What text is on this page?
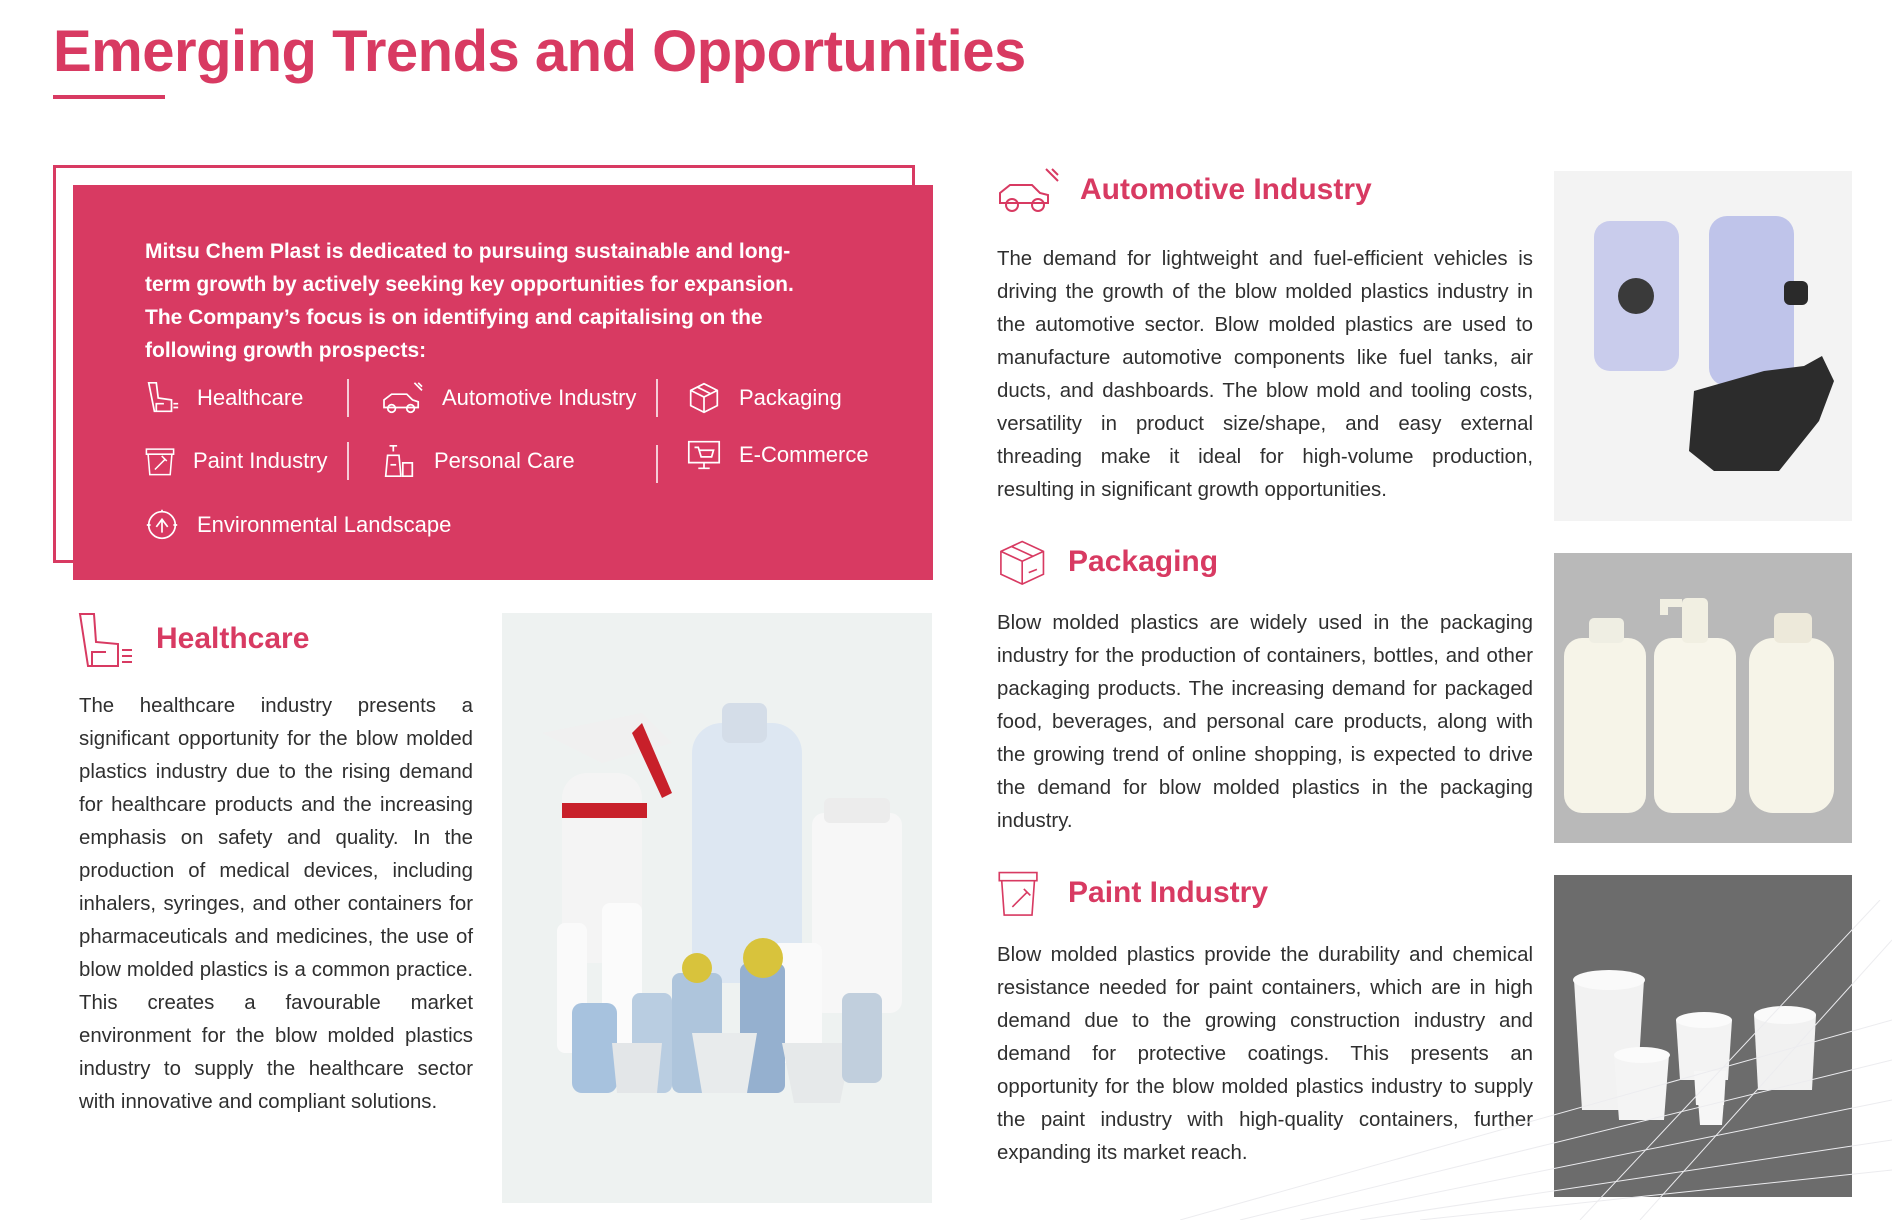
Emerging Trends and Opportunities
Mitsu Chem Plast is dedicated to pursuing sustainable and long-term growth by actively seeking key opportunities for expansion. The Company’s focus is on identifying and capitalising on the following growth prospects:
Healthcare	Automotive Industry	Packaging
Paint Industry	Personal Care	E-Commerce
Environmental Landscape
Healthcare
The healthcare industry presents a significant opportunity for the blow molded plastics industry due to the rising demand for healthcare products and the increasing emphasis on safety and quality. In the production of medical devices, including inhalers, syringes, and other containers for pharmaceuticals and medicines, the use of blow molded plastics is a common practice. This creates a favourable market environment for the blow molded plastics industry to supply the healthcare sector with innovative and compliant solutions.
Automotive Industry
The demand for lightweight and fuel-efficient vehicles is driving the growth of the blow molded plastics industry in the automotive sector. Blow molded plastics are used to manufacture automotive components like fuel tanks, air ducts, and dashboards. The blow mold and tooling costs, versatility in product size/shape, and easy external threading make it ideal for high-volume production, resulting in significant growth opportunities.
Packaging
Blow molded plastics are widely used in the packaging industry for the production of containers, bottles, and other packaging products. The increasing demand for packaged food, beverages, and personal care products, along with the growing trend of online shopping, is expected to drive the demand for blow molded plastics in the packaging industry.
Paint Industry
Blow molded plastics provide the durability and chemical resistance needed for paint containers, which are in high demand due to the growing construction industry and demand for protective coatings. This presents an opportunity for the blow molded plastics industry to supply the paint industry with high-quality containers, further expanding its market reach.
